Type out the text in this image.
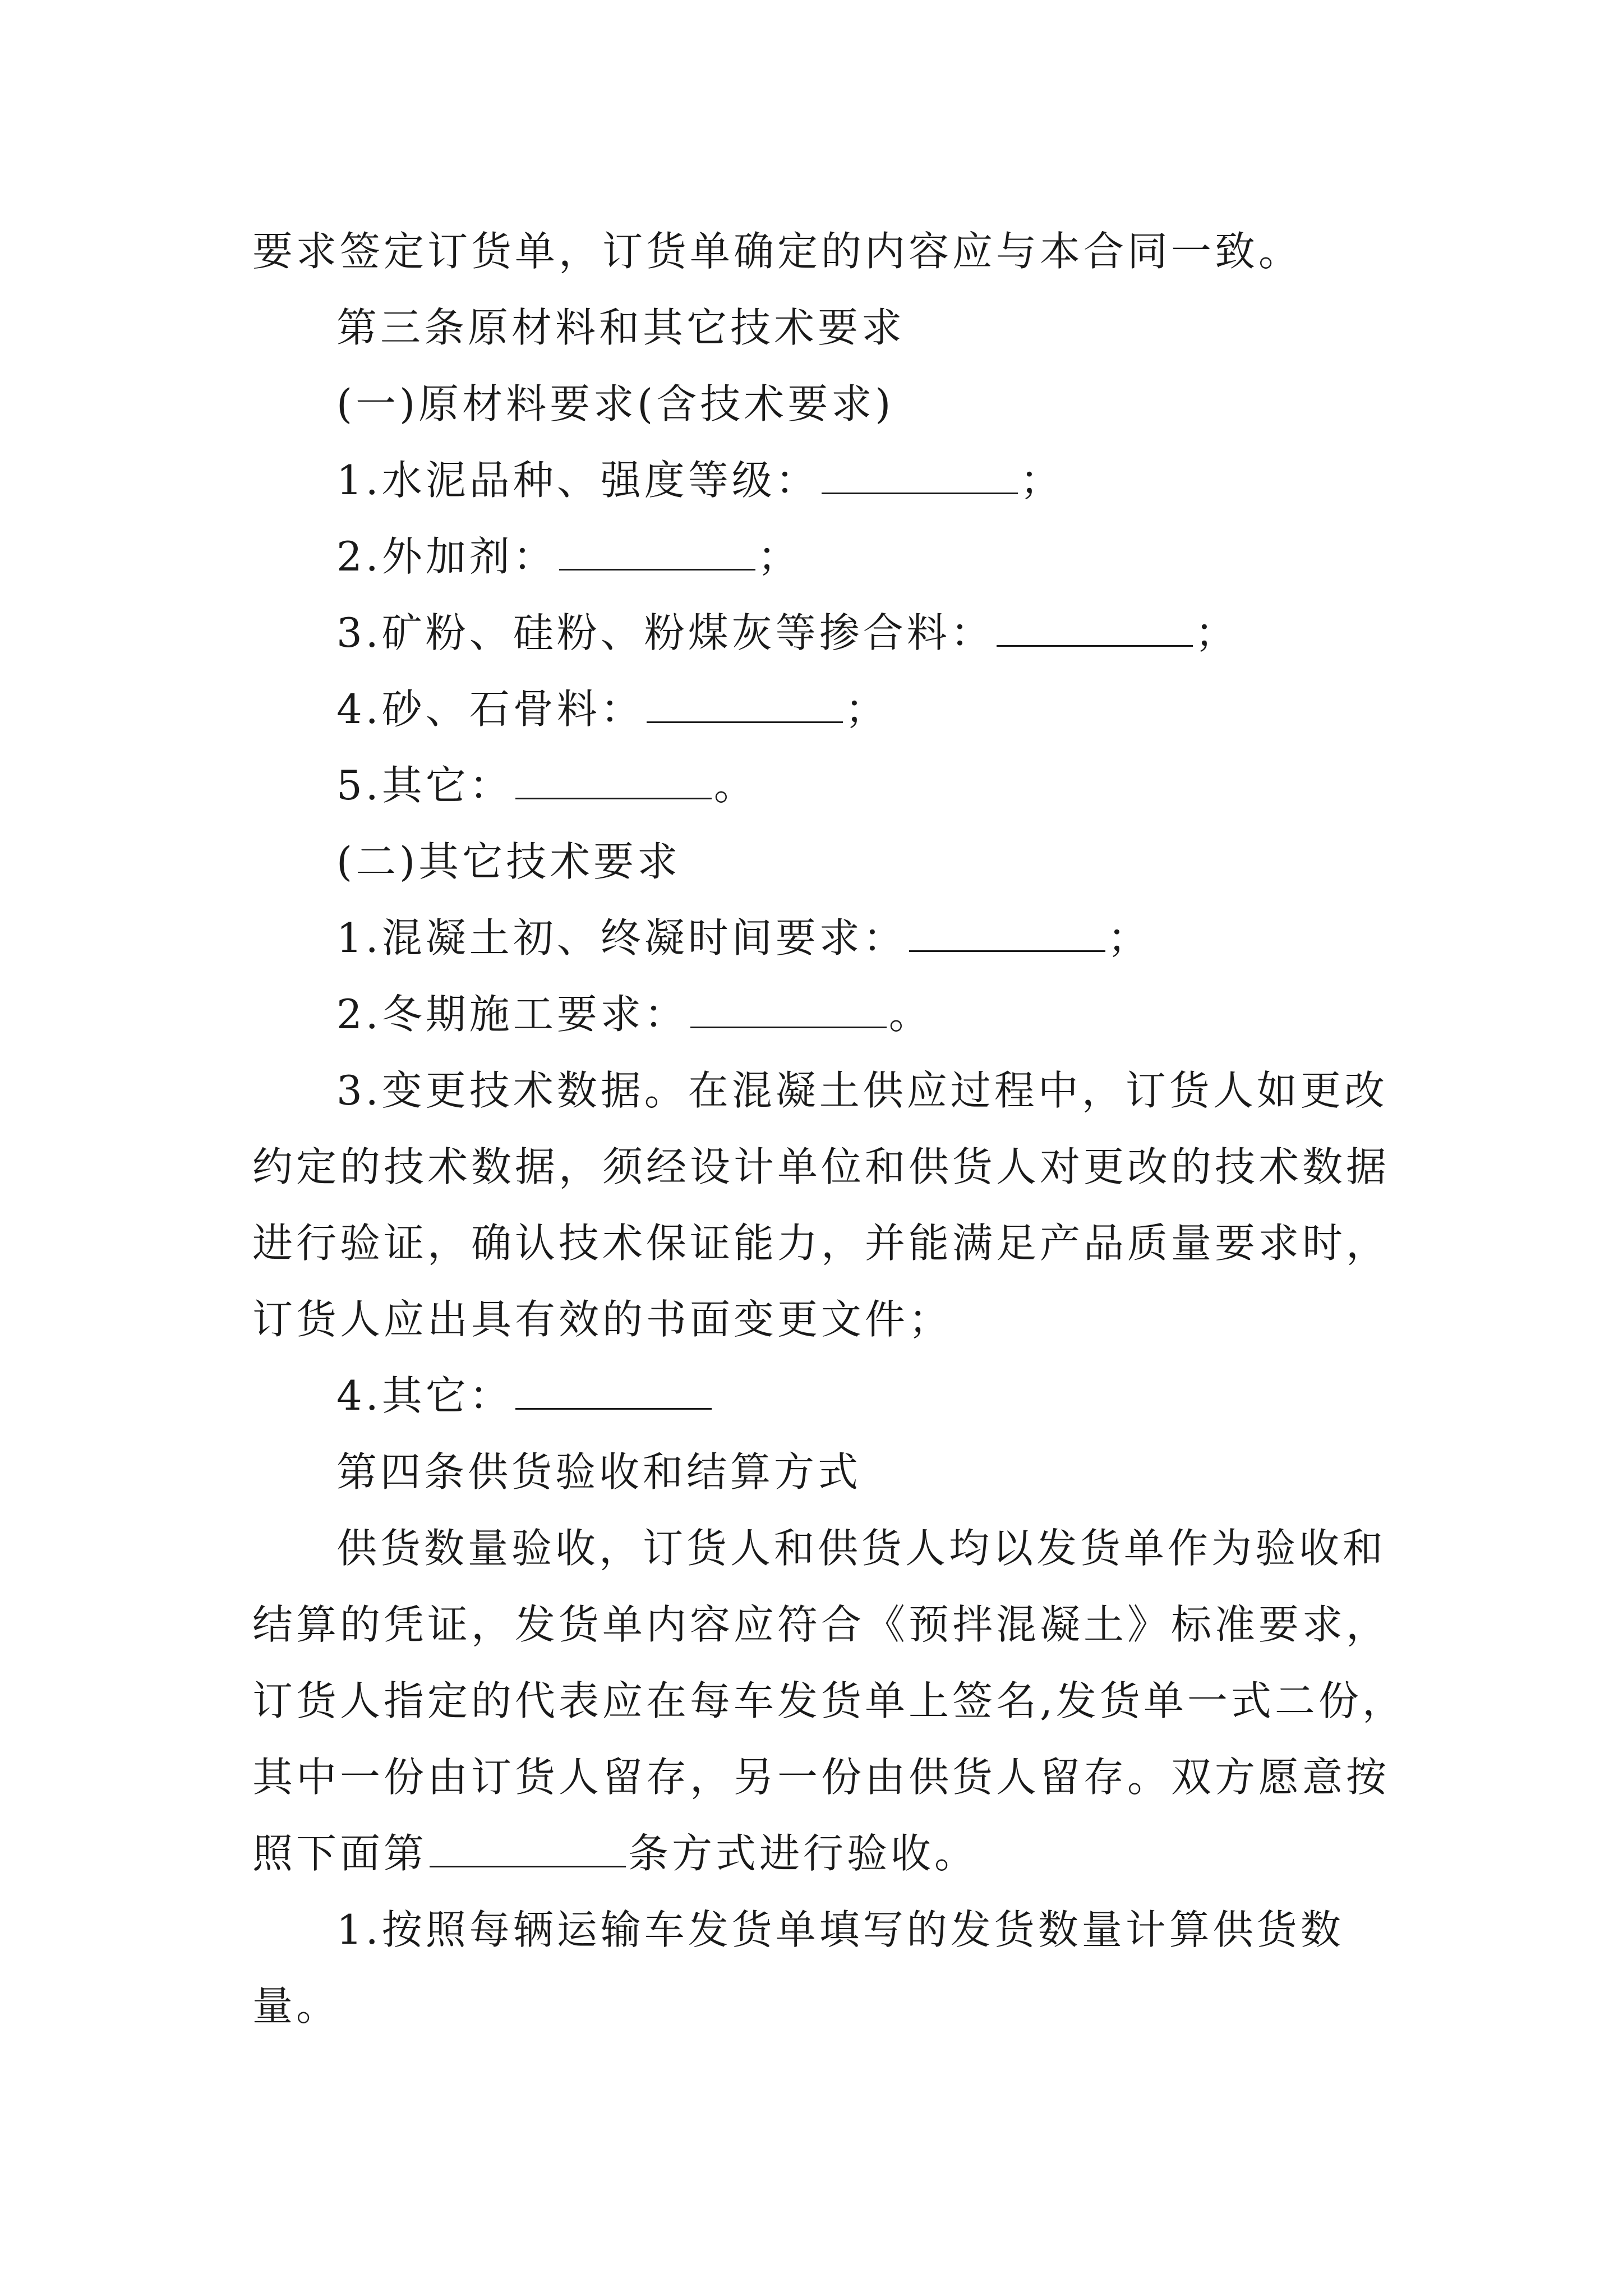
要求签定订货单，订货单确定的内容应与本合同一致。
第三条原材料和其它技术要求
(一)原材料要求(含技术要求)
1.水泥品种、强度等级：	；
2.外加剂：	；
3.矿粉、硅粉、粉煤灰等掺合料：	；
4.砂、石骨料：	；
5.其它：	。
(二)其它技术要求
1.混凝土初、终凝时间要求：	；
2.冬期施工要求：	。
3.变更技术数据。在混凝土供应过程中，订货人如更改
约定的技术数据，须经设计单位和供货人对更改的技术数据
进行验证，确认技术保证能力，并能满足产品质量要求时，
订货人应出具有效的书面变更文件；
4.其它：
第四条供货验收和结算方式
供货数量验收，订货人和供货人均以发货单作为验收和
结算的凭证，发货单内容应符合《预拌混凝土》标准要求，
订货人指定的代表应在每车发货单上签名,发货单一式二份，
其中一份由订货人留存，另一份由供货人留存。双方愿意按
照下面第	条方式进行验收。
1.按照每辆运输车发货单填写的发货数量计算供货数
量。
